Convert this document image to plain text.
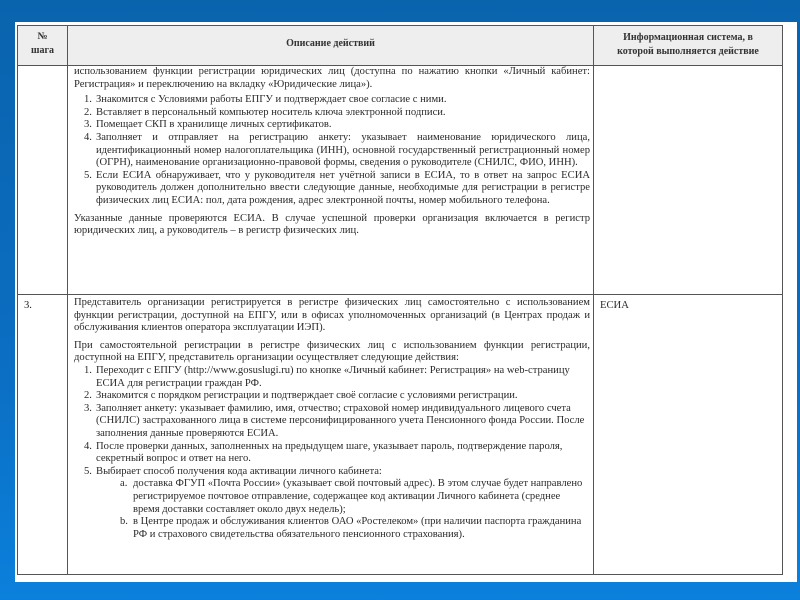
№
шага
Описание действий
Информационная система, в
которой выполняется действие

использованием функции регистрации юридических лиц (доступна по нажатию кнопки «Личный кабинет: Регистрация» и переключению на вкладку «Юридические лица»).

1. Знакомится с Условиями работы ЕПГУ и подтверждает свое согласие с ними.
2. Вставляет в персональный компьютер носитель ключа электронной подписи.
3. Помещает СКП в хранилище личных сертификатов.
4. Заполняет и отправляет на регистрацию анкету: указывает наименование юридического лица, идентификационный номер налогоплательщика (ИНН), основной государственный регистрационный номер (ОГРН), наименование организационно-правовой формы, сведения о руководителе (СНИЛС, ФИО, ИНН).
5. Если ЕСИА обнаруживает, что у руководителя нет учётной записи в ЕСИА, то в ответ на запрос ЕСИА руководитель должен дополнительно ввести следующие данные, необходимые для регистрации в регистре физических лиц ЕСИА: пол, дата рождения, адрес электронной почты, номер мобильного телефона.

Указанные данные проверяются ЕСИА. В случае успешной проверки организация включается в регистр юридических лиц, а руководитель – в регистр физических лиц.

3.	ЕСИА

Представитель организации регистрируется в регистре физических лиц самостоятельно с использованием функции регистрации, доступной на ЕПГУ, или в офисах уполномоченных организаций (в Центрах продаж и обслуживания клиентов оператора эксплуатации ИЭП).

При самостоятельной регистрации в регистре физических лиц с использованием функции регистрации, доступной на ЕПГУ, представитель организации осуществляет следующие действия:

1. Переходит с ЕПГУ (http://www.gosuslugi.ru) по кнопке «Личный кабинет: Регистрация» на web-страницу ЕСИА для регистрации граждан РФ.
2. Знакомится с порядком регистрации и подтверждает своё согласие с условиями регистрации.
3. Заполняет анкету: указывает фамилию, имя, отчество; страховой номер индивидуального лицевого счета (СНИЛС) застрахованного лица в системе персонифицированного учета Пенсионного фонда России. После заполнения данные проверяются ЕСИА.
4. После проверки данных, заполненных на предыдущем шаге, указывает пароль, подтверждение пароля, секретный вопрос и ответ на него.
5. Выбирает способ получения кода активации личного кабинета:
a. доставка ФГУП «Почта России» (указывает свой почтовый адрес). В этом случае будет направлено регистрируемое почтовое отправление, содержащее код активации Личного кабинета (среднее время доставки составляет около двух недель);
b. в Центре продаж и обслуживания клиентов ОАО «Ростелеком» (при наличии паспорта гражданина РФ и страхового свидетельства обязательного пенсионного страхования).
